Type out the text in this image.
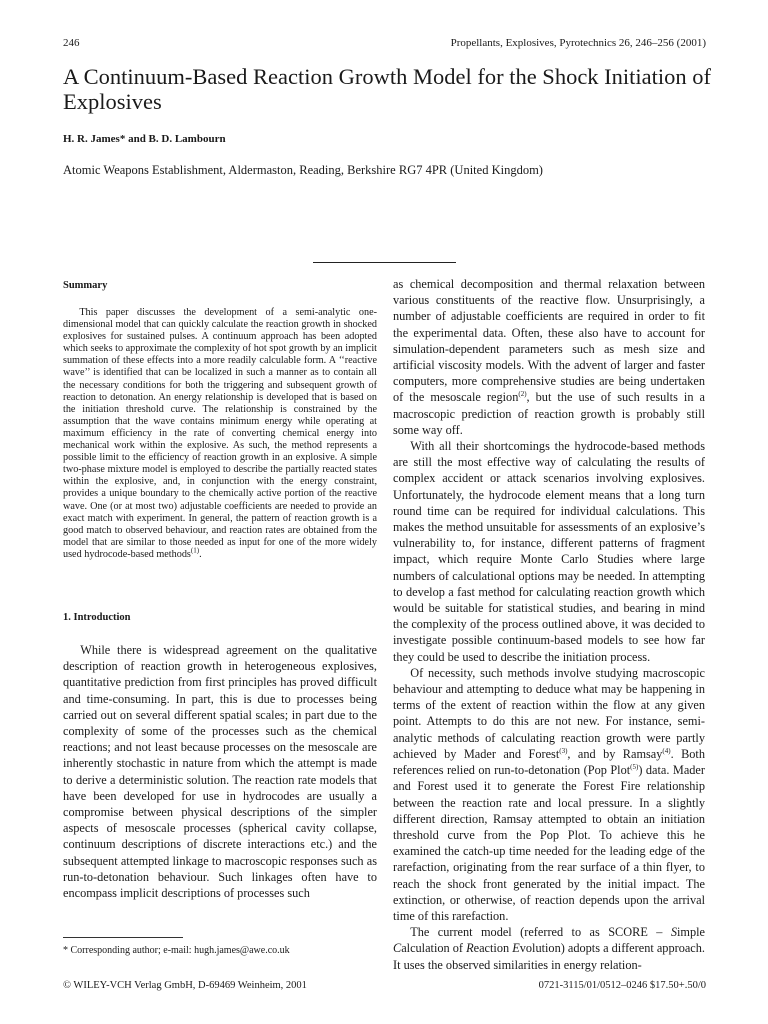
246	Propellants, Explosives, Pyrotechnics 26, 246–256 (2001)
A Continuum-Based Reaction Growth Model for the Shock Initiation of Explosives
H. R. James* and B. D. Lambourn
Atomic Weapons Establishment, Aldermaston, Reading, Berkshire RG7 4PR (United Kingdom)
Summary
This paper discusses the development of a semi-analytic one-dimensional model that can quickly calculate the reaction growth in shocked explosives for sustained pulses. A continuum approach has been adopted which seeks to approximate the complexity of hot spot growth by an implicit summation of these effects into a more readily calculable form. A ‘‘reactive wave’’ is identified that can be localized in such a manner as to contain all the necessary conditions for both the triggering and subsequent growth of reaction to detonation. An energy relationship is developed that is based on the initiation threshold curve. The relationship is constrained by the assumption that the wave contains minimum energy while operating at maximum efficiency in the rate of converting chemical energy into mechanical work within the explosive. As such, the method represents a possible limit to the efficiency of reaction growth in an explosive. A simple two-phase mixture model is employed to describe the partially reacted states within the explosive, and, in conjunction with the energy constraint, provides a unique boundary to the chemically active portion of the reactive wave. One (or at most two) adjustable coefficients are needed to provide an exact match with experiment. In general, the pattern of reaction growth is a good match to observed behaviour, and reaction rates are obtained from the model that are similar to those needed as input for one of the more widely used hydrocode-based methods$^{(1)}$.
1. Introduction

While there is widespread agreement on the qualitative description of reaction growth in heterogeneous explosives, quantitative prediction from first principles has proved difficult and time-consuming. In part, this is due to processes being carried out on several different spatial scales; in part due to the complexity of some of the processes such as the chemical reactions; and not least because processes on the mesoscale are inherently stochastic in nature from which the attempt is made to derive a deterministic solution. The reaction rate models that have been developed for use in hydrocodes are usually a compromise between physical descriptions of the simpler aspects of mesoscale processes (spherical cavity collapse, continuum descriptions of discrete interactions etc.) and the subsequent attempted linkage to macroscopic responses such as run-to-detonation behaviour. Such linkages often have to encompass implicit descriptions of processes such

as chemical decomposition and thermal relaxation between various constituents of the reactive flow. Unsurprisingly, a number of adjustable coefficients are required in order to fit the experimental data. Often, these also have to account for simulation-dependent parameters such as mesh size and artificial viscosity models. With the advent of larger and faster computers, more comprehensive studies are being undertaken of the mesoscale region$^{(2)}$, but the use of such results in a macroscopic prediction of reaction growth is probably still some way off.

With all their shortcomings the hydrocode-based methods are still the most effective way of calculating the results of complex accident or attack scenarios involving explosives. Unfortunately, the hydrocode element means that a long turn round time can be required for individual calculations. This makes the method unsuitable for assessments of an explosive’s vulnerability to, for instance, different patterns of fragment impact, which require Monte Carlo Studies where large numbers of calculational options may be needed. In attempting to develop a fast method for calculating reaction growth which would be suitable for statistical studies, and bearing in mind the complexity of the process outlined above, it was decided to investigate possible continuum-based models to see how far they could be used to describe the initiation process.

Of necessity, such methods involve studying macroscopic behaviour and attempting to deduce what may be happening in terms of the extent of reaction within the flow at any given point. Attempts to do this are not new. For instance, semi-analytic methods of calculating reaction growth were partly achieved by Mader and Forest$^{(3)}$, and by Ramsay$^{(4)}$. Both references relied on run-to-detonation (Pop Plot$^{(5)}$) data. Mader and Forest used it to generate the Forest Fire relationship between the reaction rate and local pressure. In a slightly different direction, Ramsay attempted to obtain an initiation threshold curve from the Pop Plot. To achieve this he examined the catch-up time needed for the leading edge of the rarefaction, originating from the rear surface of a thin flyer, to reach the shock front generated by the initial impact. The extinction, or otherwise, of reaction depends upon the arrival time of this rarefaction.

The current model (referred to as SCORE – Simple Calculation of Reaction Evolution) adopts a different approach. It uses the observed similarities in energy relation-

* Corresponding author; e-mail: hugh.james@awe.co.uk
© WILEY-VCH Verlag GmbH, D-69469 Weinheim, 2001	0721-3115/01/0512–0246 $17.50+.50/0
